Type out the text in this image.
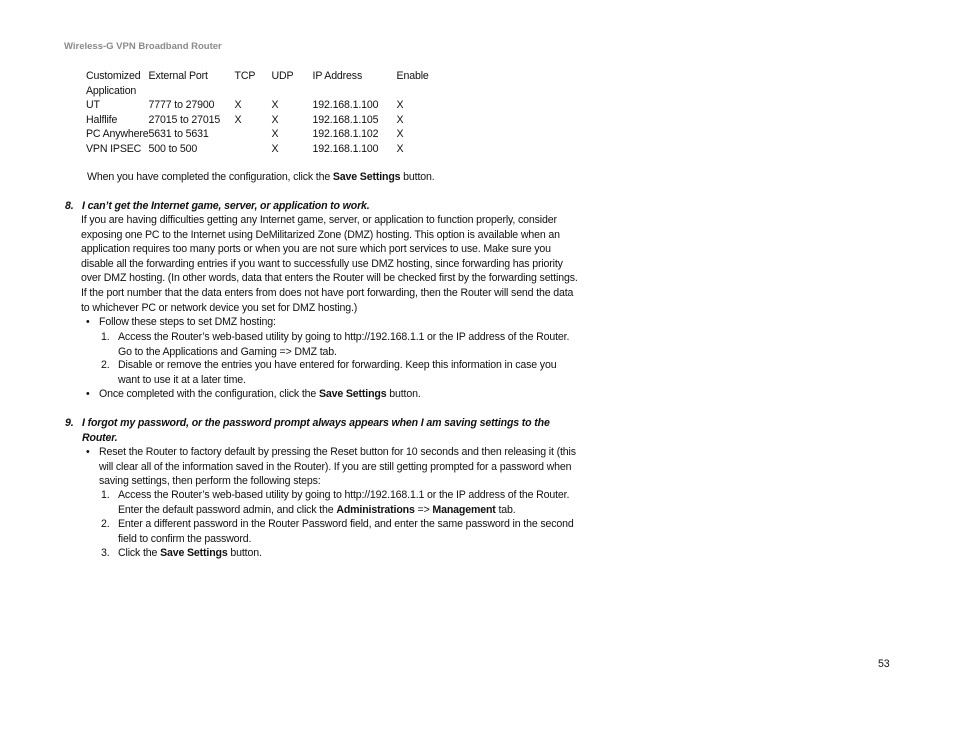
Wireless-G VPN Broadband Router
Customized	External Port	TCP	UDP	IP Address	Enable
Application					
UT	7777 to 27900	X	X	192.168.1.100	X
Halflife	27015 to 27015	X	X	192.168.1.105	X
PC Anywhere	5631 to 5631		X	192.168.1.102	X
VPN IPSEC	500 to 500		X	192.168.1.100	X
When you have completed the configuration, click the Save Settings button.
8. I can’t get the Internet game, server, or application to work.
If you are having difficulties getting any Internet game, server, or application to function properly, consider
exposing one PC to the Internet using DeMilitarized Zone (DMZ) hosting. This option is available when an
application requires too many ports or when you are not sure which port services to use. Make sure you
disable all the forwarding entries if you want to successfully use DMZ hosting, since forwarding has priority
over DMZ hosting. (In other words, data that enters the Router will be checked first by the forwarding settings.
If the port number that the data enters from does not have port forwarding, then the Router will send the data
to whichever PC or network device you set for DMZ hosting.)
• Follow these steps to set DMZ hosting:
1. Access the Router’s web-based utility by going to http://192.168.1.1 or the IP address of the Router.
Go to the Applications and Gaming => DMZ tab.
2. Disable or remove the entries you have entered for forwarding. Keep this information in case you
want to use it at a later time.
• Once completed with the configuration, click the Save Settings button.
9. I forgot my password, or the password prompt always appears when I am saving settings to the
Router.
• Reset the Router to factory default by pressing the Reset button for 10 seconds and then releasing it (this
will clear all of the information saved in the Router). If you are still getting prompted for a password when
saving settings, then perform the following steps:
1. Access the Router’s web-based utility by going to http://192.168.1.1 or the IP address of the Router.
Enter the default password admin, and click the Administrations => Management tab.
2. Enter a different password in the Router Password field, and enter the same password in the second
field to confirm the password.
3. Click the Save Settings button.
53
